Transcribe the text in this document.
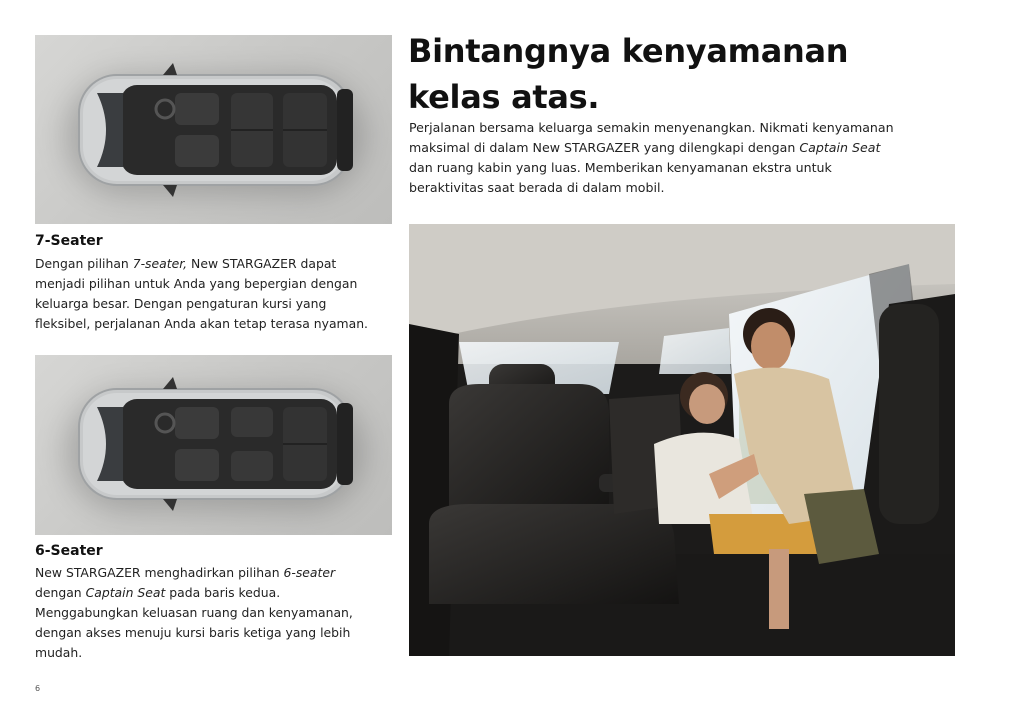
7-Seater

Dengan pilihan 7-seater, New STARGAZER dapat menjadi pilihan untuk Anda yang bepergian dengan keluarga besar. Dengan pengaturan kursi yang fleksibel, perjalanan Anda akan tetap terasa nyaman.

6-Seater

New STARGAZER menghadirkan pilihan 6-seater dengan Captain Seat pada baris kedua. Menggabungkan keluasan ruang dan kenyamanan, dengan akses menuju kursi baris ketiga yang lebih mudah.

Bintangnya kenyamanan
kelas atas.

Perjalanan bersama keluarga semakin menyenangkan. Nikmati kenyamanan maksimal di dalam New STARGAZER yang dilengkapi dengan Captain Seat dan ruang kabin yang luas. Memberikan kenyamanan ekstra untuk beraktivitas saat berada di dalam mobil.

6
